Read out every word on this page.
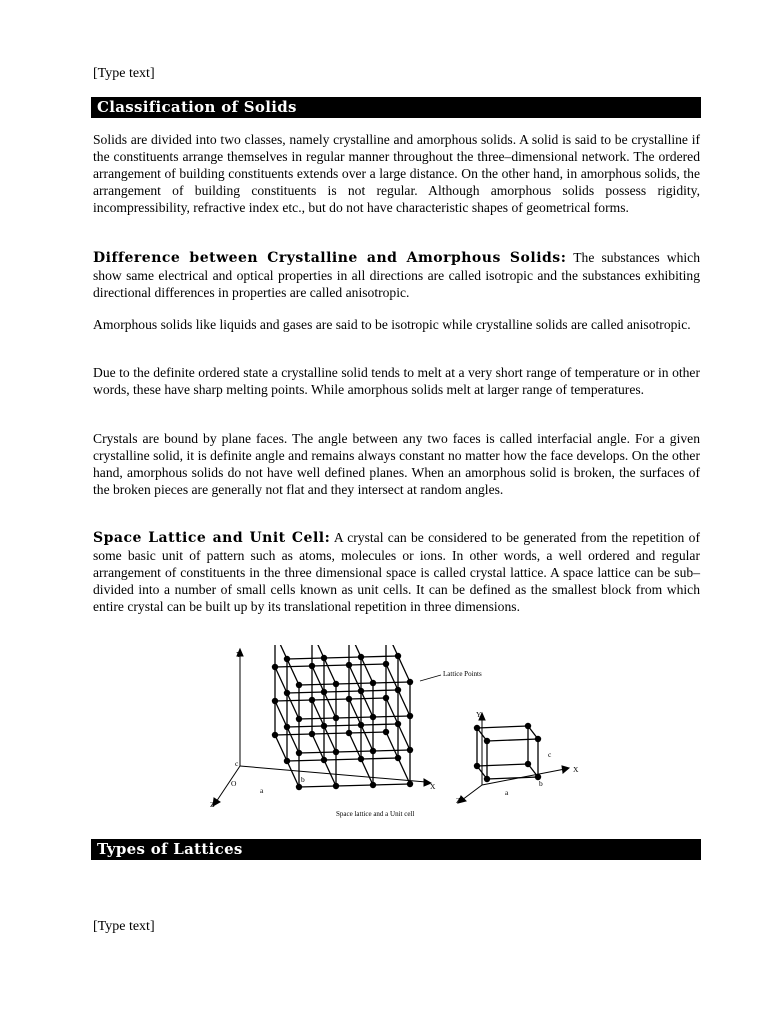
[Type text]
Classification of Solids

Solids are divided into two classes, namely crystalline and amorphous solids. A solid is said to be crystalline if the constituents arrange themselves in regular manner throughout the three–dimensional network. The ordered arrangement of building constituents extends over a large distance. On the other hand, in amorphous solids, the arrangement of building constituents is not regular. Although amorphous solids possess rigidity, incompressibility, refractive index etc., but do not have characteristic shapes of geometrical forms.

Difference between Crystalline and Amorphous Solids: The substances which show same electrical and optical properties in all directions are called isotropic and the substances exhibiting directional differences in properties are called anisotropic.

Amorphous solids like liquids and gases are said to be isotropic while crystalline solids are called anisotropic.

Due to the definite ordered state a crystalline solid tends to melt at a very short range of temperature or in other words, these have sharp melting points. While amorphous solids melt at larger range of temperatures.

Crystals are bound by plane faces. The angle between any two faces is called interfacial angle. For a given crystalline solid, it is definite angle and remains always constant no matter how the face develops. On the other hand, amorphous solids do not have well defined planes. When an amorphous solid is broken, the surfaces of the broken pieces are generally not flat and they intersect at random angles.

Space Lattice and Unit Cell: A crystal can be considered to be generated from the repetition of some basic unit of pattern such as atoms, molecules or ions. In other words, a well ordered and regular arrangement of constituents in the three dimensional space is called crystal lattice. A space lattice can be sub–divided into a number of small cells known as unit cells. It can be defined as the smallest block from which entire crystal can be built up by its translational repetition in three dimensions.

Y
X
Z
O
a
b
c
Lattice Points
Y
X
Z
a
b
c
Space lattice and a Unit cell
Types of Lattices
[Type text]
